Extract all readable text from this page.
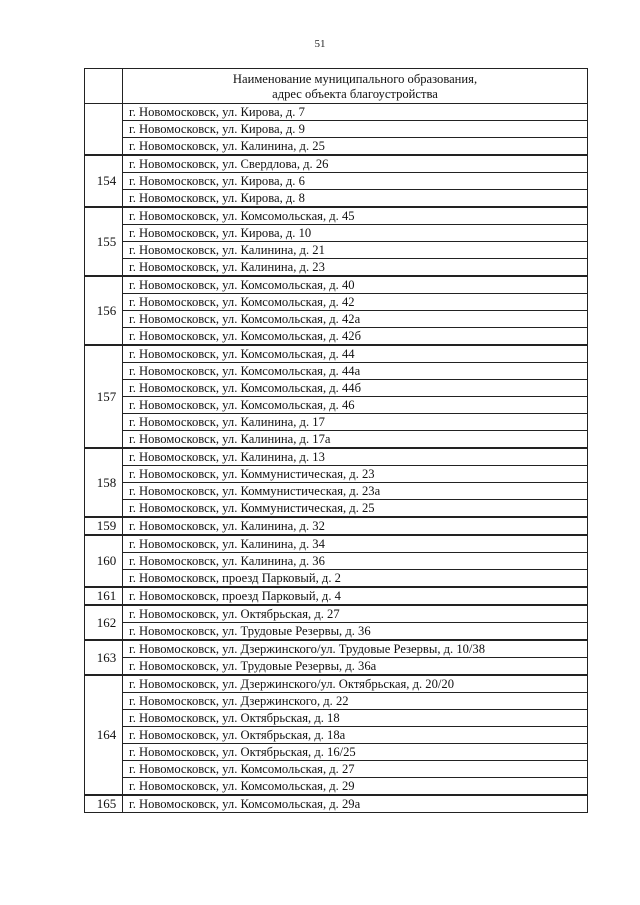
51
	Наименование муниципального образования,
адрес объекта благоустройства
	г. Новомосковск, ул. Кирова, д. 7
	г. Новомосковск, ул. Кирова, д. 9
	г. Новомосковск, ул. Калинина, д. 25
154	г. Новомосковск, ул. Свердлова, д. 26
	г. Новомосковск, ул. Кирова, д. 6
	г. Новомосковск, ул. Кирова, д. 8
155	г. Новомосковск, ул. Комсомольская, д. 45
	г. Новомосковск, ул. Кирова, д. 10
	г. Новомосковск, ул. Калинина, д. 21
	г. Новомосковск, ул. Калинина, д. 23
156	г. Новомосковск, ул. Комсомольская, д. 40
	г. Новомосковск, ул. Комсомольская, д. 42
	г. Новомосковск, ул. Комсомольская, д. 42а
	г. Новомосковск, ул. Комсомольская, д. 42б
157	г. Новомосковск, ул. Комсомольская, д. 44
	г. Новомосковск, ул. Комсомольская, д. 44а
	г. Новомосковск, ул. Комсомольская, д. 44б
	г. Новомосковск, ул. Комсомольская, д. 46
	г. Новомосковск, ул. Калинина, д. 17
	г. Новомосковск, ул. Калинина, д. 17а
158	г. Новомосковск, ул. Калинина, д. 13
	г. Новомосковск, ул. Коммунистическая, д. 23
	г. Новомосковск, ул. Коммунистическая, д. 23а
	г. Новомосковск, ул. Коммунистическая, д. 25
159	г. Новомосковск, ул. Калинина, д. 32
160	г. Новомосковск, ул. Калинина, д. 34
	г. Новомосковск, ул. Калинина, д. 36
	г. Новомосковск, проезд Парковый, д. 2
161	г. Новомосковск, проезд Парковый, д. 4
162	г. Новомосковск, ул. Октябрьская, д. 27
	г. Новомосковск, ул. Трудовые Резервы, д. 36
163	г. Новомосковск, ул. Дзержинского/ул. Трудовые Резервы, д. 10/38
	г. Новомосковск, ул. Трудовые Резервы, д. 36а
164	г. Новомосковск, ул. Дзержинского/ул. Октябрьская, д. 20/20
	г. Новомосковск, ул. Дзержинского, д. 22
	г. Новомосковск, ул. Октябрьская, д. 18
	г. Новомосковск, ул. Октябрьская, д. 18а
	г. Новомосковск, ул. Октябрьская, д. 16/25
	г. Новомосковск, ул. Комсомольская, д. 27
	г. Новомосковск, ул. Комсомольская, д. 29
165	г. Новомосковск, ул. Комсомольская, д. 29а
